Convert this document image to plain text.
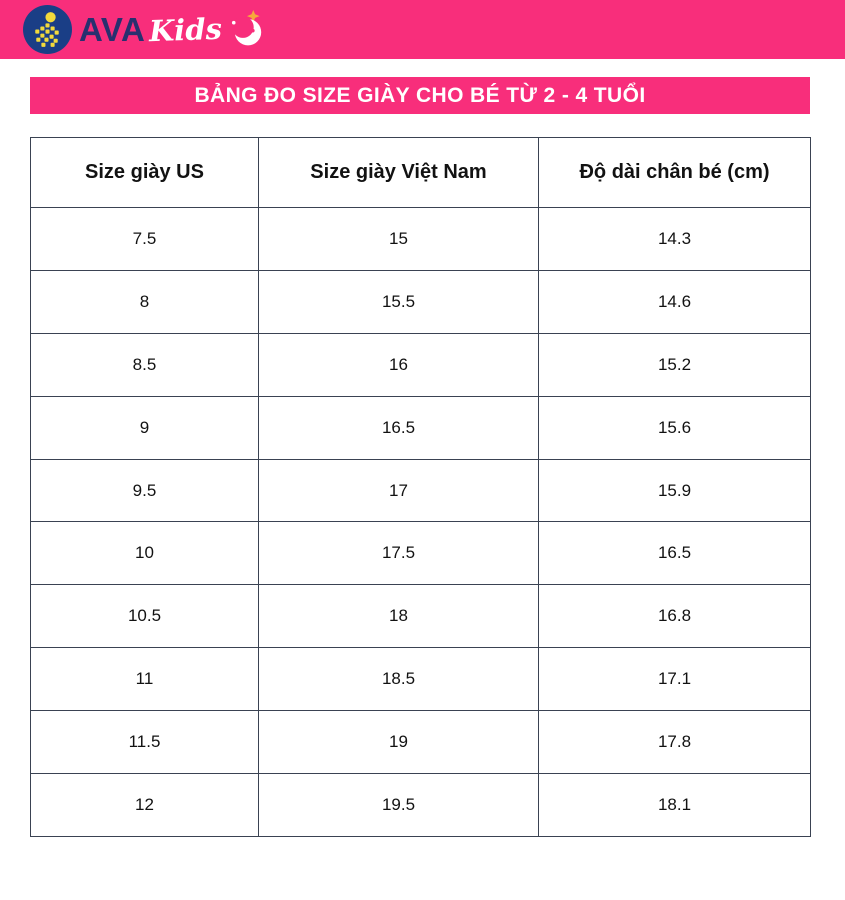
AVA Kids
BẢNG ĐO SIZE GIÀY CHO BÉ TỪ 2 - 4 TUỔI
Size giày US	Size giày Việt Nam	Độ dài chân bé (cm)
7.5	15	14.3
8	15.5	14.6
8.5	16	15.2
9	16.5	15.6
9.5	17	15.9
10	17.5	16.5
10.5	18	16.8
11	18.5	17.1
11.5	19	17.8
12	19.5	18.1
